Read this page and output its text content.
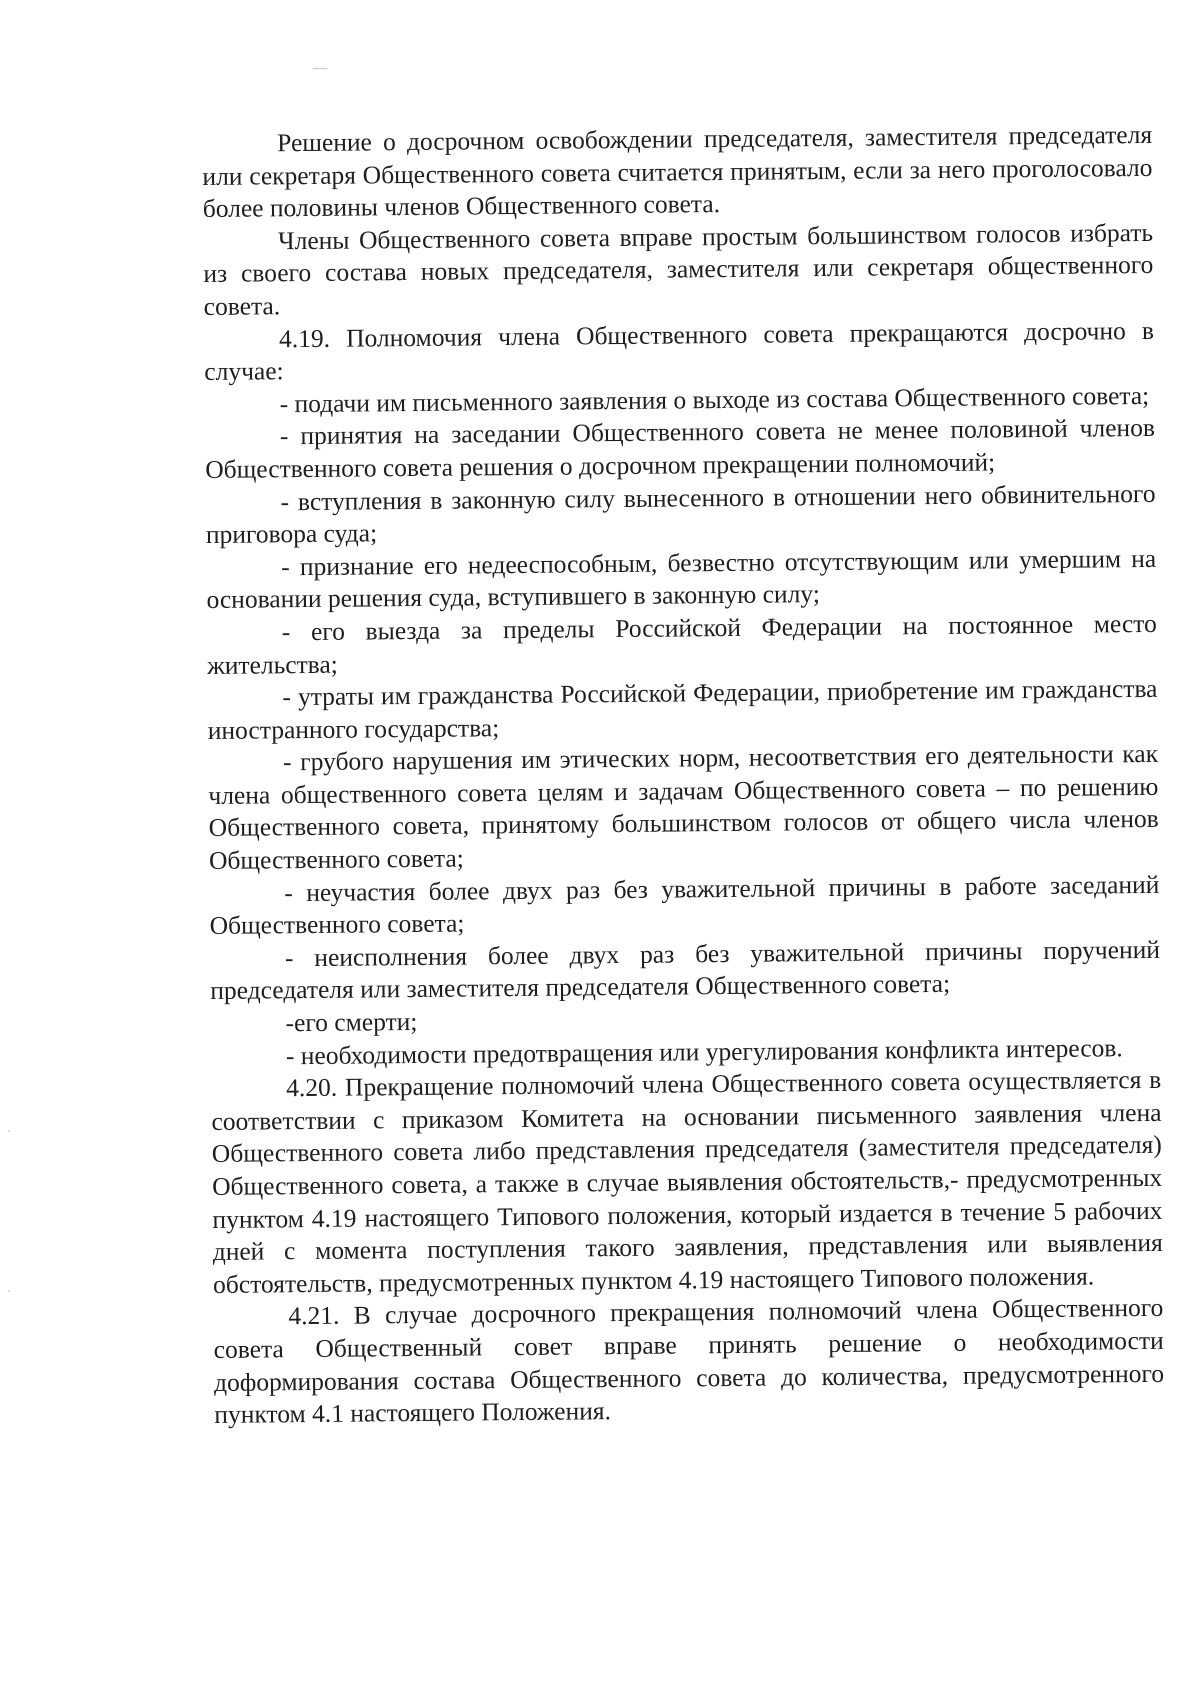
Решение о досрочном освобождении председателя, заместителя председателя или секретаря Общественного совета считается принятым, если за него проголосовало более половины членов Общественного совета.

Члены Общественного совета вправе простым большинством голосов избрать из своего состава новых председателя, заместителя или секретаря общественного совета.

4.19. Полномочия члена Общественного совета прекращаются досрочно в случае:

- подачи им письменного заявления о выходе из состава Общественного совета;

- принятия на заседании Общественного совета не менее половиной членов Общественного совета решения о досрочном прекращении полномочий;

- вступления в законную силу вынесенного в отношении него обвинительного приговора суда;

- признание его недееспособным, безвестно отсутствующим или умершим на основании решения суда, вступившего в законную силу;

- его выезда за пределы Российской Федерации на постоянное место жительства;

- утраты им гражданства Российской Федерации, приобретение им гражданства иностранного государства;

- грубого нарушения им этических норм, несоответствия его деятельности как члена общественного совета целям и задачам Общественного совета – по решению Общественного совета, принятому большинством голосов от общего числа членов Общественного совета;

- неучастия более двух раз без уважительной причины в работе заседаний Общественного совета;

- неисполнения более двух раз без уважительной причины поручений председателя или заместителя председателя Общественного совета;

-его смерти;

- необходимости предотвращения или урегулирования конфликта интересов.

4.20. Прекращение полномочий члена Общественного совета осуществляется в соответствии с приказом Комитета на основании письменного заявления члена Общественного совета либо представления председателя (заместителя председателя) Общественного совета, а также в случае выявления обстоятельств,- предусмотренных пунктом 4.19 настоящего Типового положения, который издается в течение 5 рабочих дней с момента поступления такого заявления, представления или выявления обстоятельств, предусмотренных пунктом 4.19 настоящего Типового положения.

4.21. В случае досрочного прекращения полномочий члена Общественного совета Общественный совет вправе принять решение о необходимости доформирования состава Общественного совета до количества, предусмотренного пунктом 4.1 настоящего Положения.
